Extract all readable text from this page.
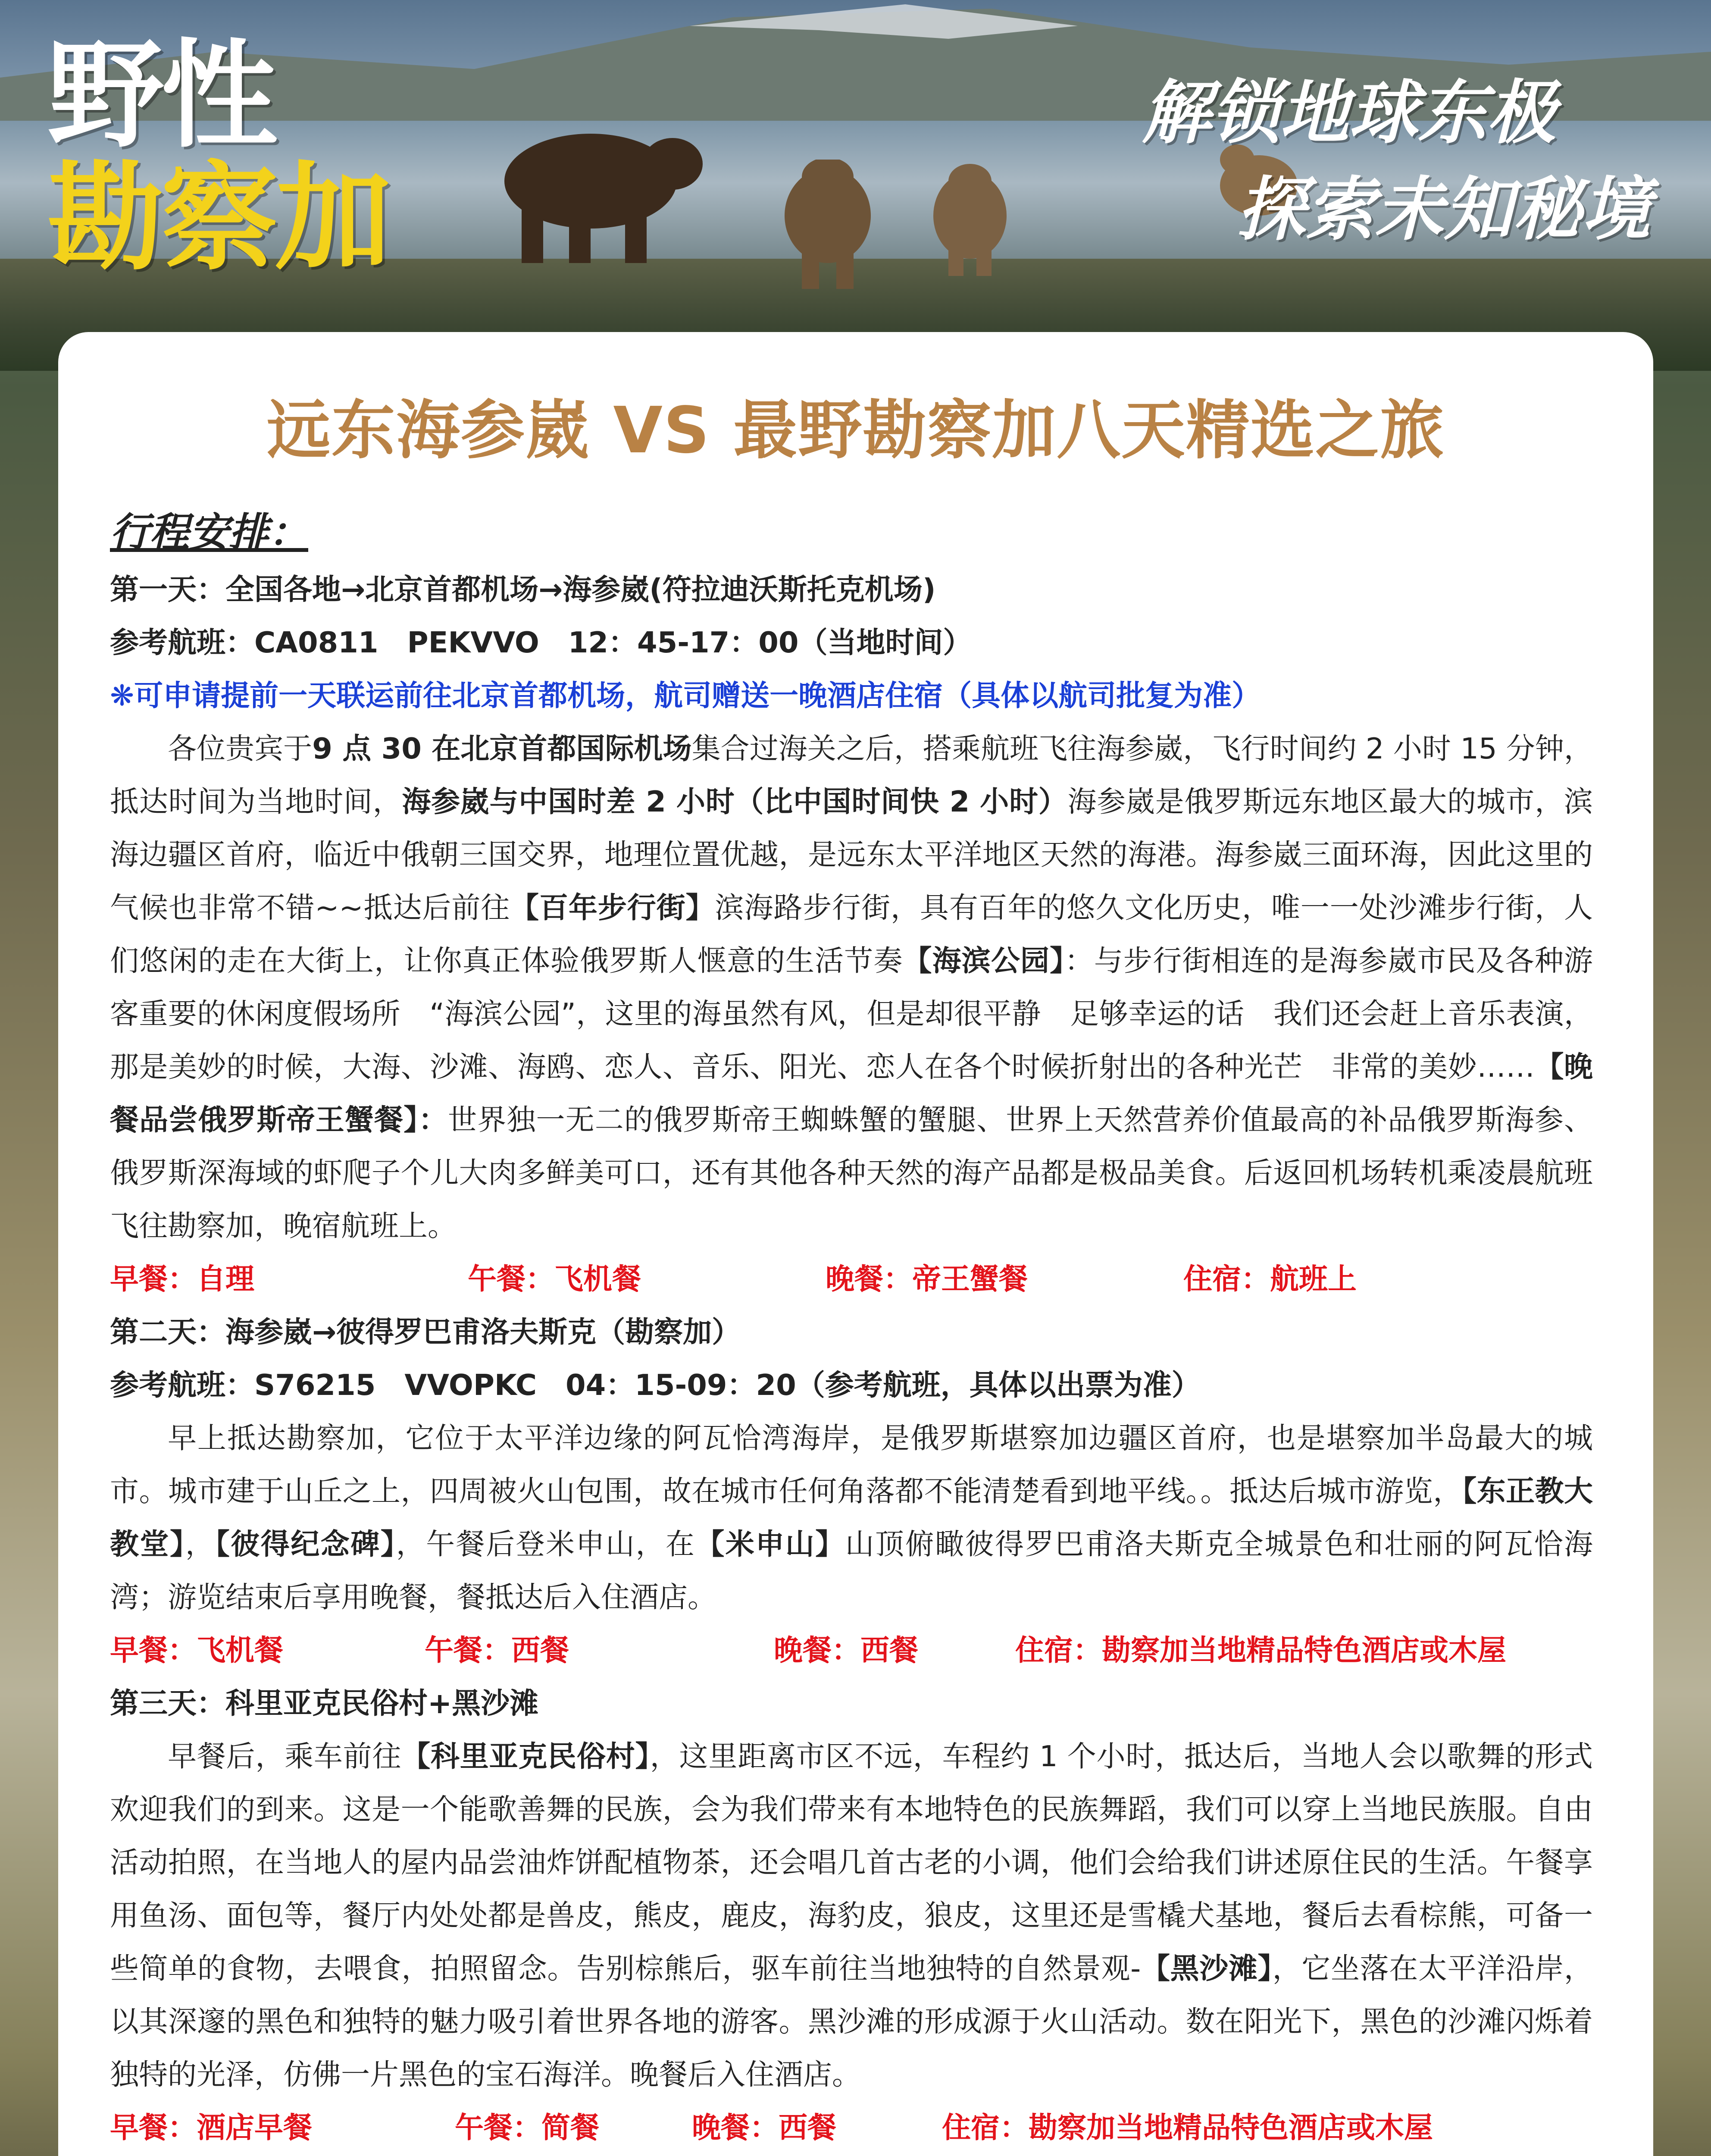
野性
勘察加
解锁地球东极
探索未知秘境
远东海参崴 VS 最野勘察加八天精选之旅

行程安排：

第一天：全国各地→北京首都机场→海参崴(符拉迪沃斯托克机场)

参考航班：CA0811　PEKVVO　12：45-17：00（当地时间）

❋可申请提前一天联运前往北京首都机场，航司赠送一晚酒店住宿（具体以航司批复为准）

各位贵宾于9 点 30 在北京首都国际机场集合过海关之后，搭乘航班飞往海参崴，飞行时间约 2 小时 15 分钟，抵达时间为当地时间，海参崴与中国时差 2 小时（比中国时间快 2 小时）海参崴是俄罗斯远东地区最大的城市，滨海边疆区首府，临近中俄朝三国交界，地理位置优越，是远东太平洋地区天然的海港。海参崴三面环海，因此这里的气候也非常不错~~抵达后前往【百年步行街】滨海路步行街，具有百年的悠久文化历史，唯一一处沙滩步行街，人们悠闲的走在大街上，让你真正体验俄罗斯人惬意的生活节奏【海滨公园】：与步行街相连的是海参崴市民及各种游客重要的休闲度假场所　“海滨公园”，这里的海虽然有风，但是却很平静　足够幸运的话　我们还会赶上音乐表演，那是美妙的时候，大海、沙滩、海鸥、恋人、音乐、阳光、恋人在各个时候折射出的各种光芒　非常的美妙……【晚餐品尝俄罗斯帝王蟹餐】：世界独一无二的俄罗斯帝王蜘蛛蟹的蟹腿、世界上天然营养价值最高的补品俄罗斯海参、俄罗斯深海域的虾爬子个儿大肉多鲜美可口，还有其他各种天然的海产品都是极品美食。后返回机场转机乘凌晨航班飞往勘察加，晚宿航班上。

早餐：自理	午餐：飞机餐	晚餐：帝王蟹餐	住宿：航班上

第二天：海参崴→彼得罗巴甫洛夫斯克（勘察加）

参考航班：S76215　VVOPKC　04：15-09：20（参考航班，具体以出票为准）

早上抵达勘察加，它位于太平洋边缘的阿瓦恰湾海岸，是俄罗斯堪察加边疆区首府，也是堪察加半岛最大的城市。城市建于山丘之上，四周被火山包围，故在城市任何角落都不能清楚看到地平线。。抵达后城市游览，【东正教大教堂】，【彼得纪念碑】，午餐后登米申山，在【米申山】山顶俯瞰彼得罗巴甫洛夫斯克全城景色和壮丽的阿瓦恰海湾；游览结束后享用晚餐，餐抵达后入住酒店。

早餐：飞机餐	午餐：西餐	晚餐：西餐	住宿：勘察加当地精品特色酒店或木屋

第三天：科里亚克民俗村+黑沙滩

早餐后，乘车前往【科里亚克民俗村】，这里距离市区不远，车程约 1 个小时，抵达后，当地人会以歌舞的形式欢迎我们的到来。这是一个能歌善舞的民族，会为我们带来有本地特色的民族舞蹈，我们可以穿上当地民族服。自由活动拍照，在当地人的屋内品尝油炸饼配植物茶，还会唱几首古老的小调，他们会给我们讲述原住民的生活。午餐享用鱼汤、面包等，餐厅内处处都是兽皮，熊皮，鹿皮，海豹皮，狼皮，这里还是雪橇犬基地，餐后去看棕熊，可备一些简单的食物，去喂食，拍照留念。告别棕熊后，驱车前往当地独特的自然景观-【黑沙滩】，它坐落在太平洋沿岸，以其深邃的黑色和独特的魅力吸引着世界各地的游客。黑沙滩的形成源于火山活动。数在阳光下，黑色的沙滩闪烁着独特的光泽，仿佛一片黑色的宝石海洋。晚餐后入住酒店。

早餐：酒店早餐	午餐：简餐	晚餐：西餐	住宿：勘察加当地精品特色酒店或木屋
